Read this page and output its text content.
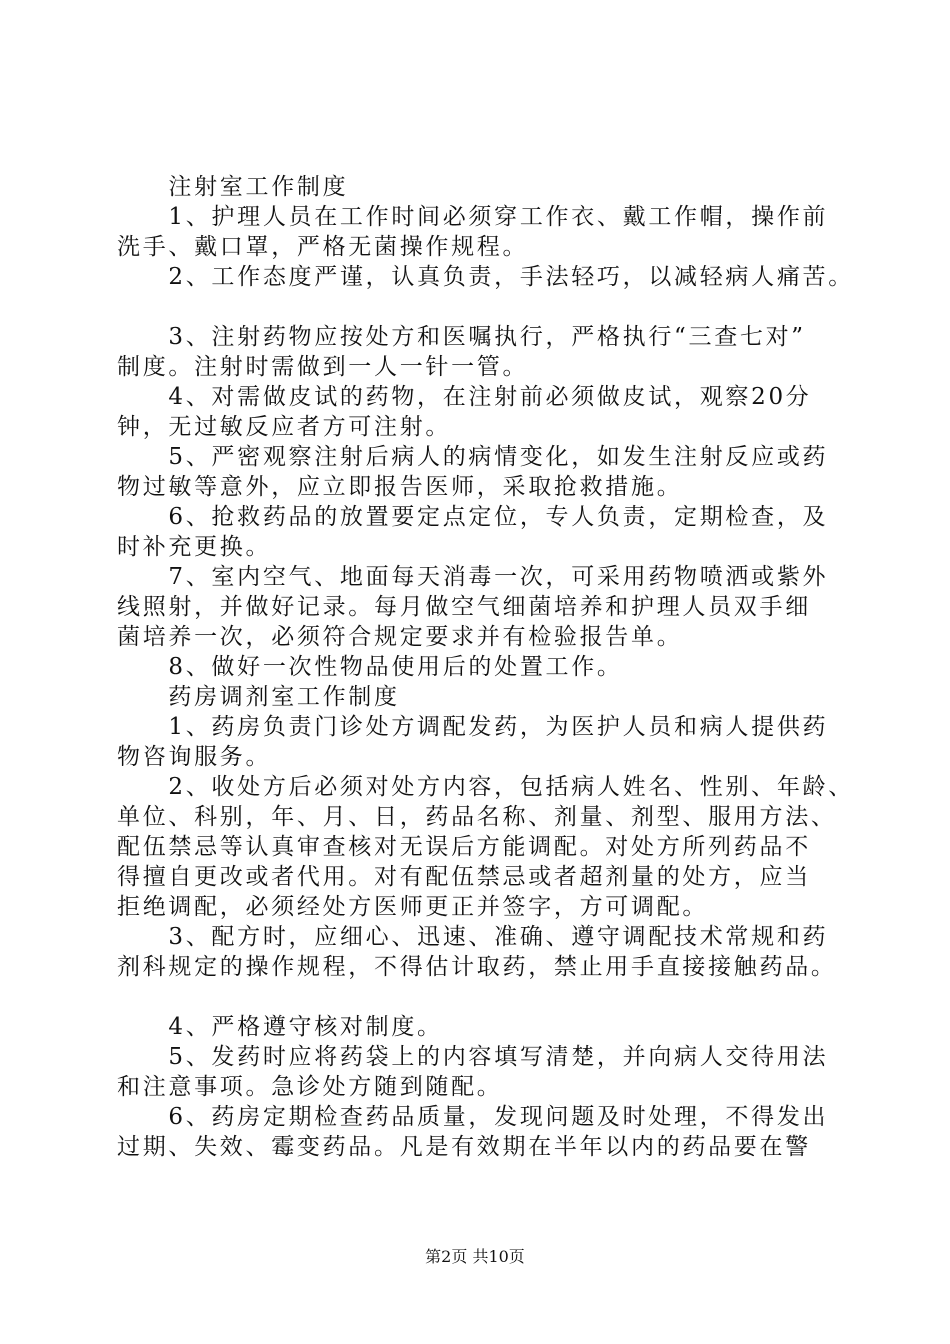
　　注射室工作制度
　　1、护理人员在工作时间必须穿工作衣、戴工作帽，操作前
洗手、戴口罩，严格无菌操作规程。
　　2、工作态度严谨，认真负责，手法轻巧，以减轻病人痛苦。
　　3、注射药物应按处方和医嘱执行，严格执行“三查七对”
制度。注射时需做到一人一针一管。
　　4、对需做皮试的药物，在注射前必须做皮试，观察20分
钟，无过敏反应者方可注射。
　　5、严密观察注射后病人的病情变化，如发生注射反应或药
物过敏等意外，应立即报告医师，采取抢救措施。
　　6、抢救药品的放置要定点定位，专人负责，定期检查，及
时补充更换。
　　7、室内空气、地面每天消毒一次，可采用药物喷洒或紫外
线照射，并做好记录。每月做空气细菌培养和护理人员双手细
菌培养一次，必须符合规定要求并有检验报告单。
　　8、做好一次性物品使用后的处置工作。
　　药房调剂室工作制度
　　1、药房负责门诊处方调配发药，为医护人员和病人提供药
物咨询服务。
　　2、收处方后必须对处方内容，包括病人姓名、性别、年龄、
单位、科别，年、月、日，药品名称、剂量、剂型、服用方法、
配伍禁忌等认真审查核对无误后方能调配。对处方所列药品不
得擅自更改或者代用。对有配伍禁忌或者超剂量的处方，应当
拒绝调配，必须经处方医师更正并签字，方可调配。
　　3、配方时，应细心、迅速、准确、遵守调配技术常规和药
剂科规定的操作规程，不得估计取药，禁止用手直接接触药品。
　　4、严格遵守核对制度。
　　5、发药时应将药袋上的内容填写清楚，并向病人交待用法
和注意事项。急诊处方随到随配。
　　6、药房定期检查药品质量，发现问题及时处理，不得发出
过期、失效、霉变药品。凡是有效期在半年以内的药品要在警
第2页 共10页
